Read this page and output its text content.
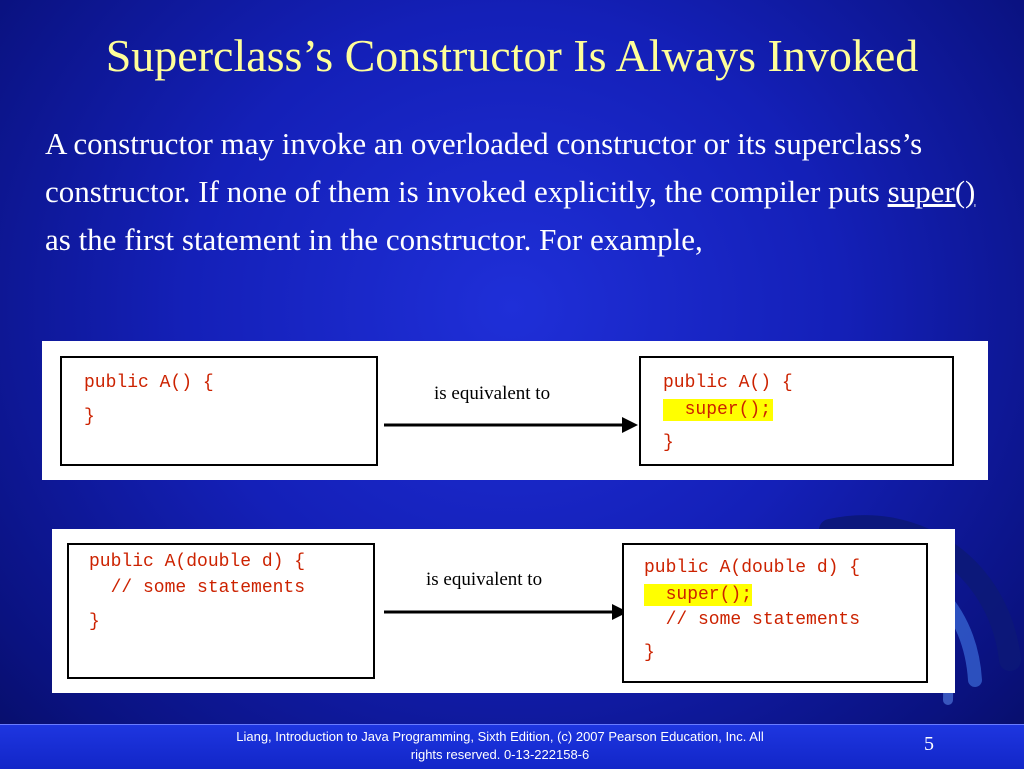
Superclass’s Constructor Is Always Invoked
A constructor may invoke an overloaded constructor or its superclass’s constructor. If none of them is invoked explicitly, the compiler puts super() as the first statement in the constructor. For example,
public A() {
}
is equivalent to	public A() {
super();
}
public A(double d) {
// some statements
}
is equivalent to
public A(double d) {
super();
// some statements
}
Liang, Introduction to Java Programming, Sixth Edition, (c) 2007 Pearson Education, Inc. All
rights reserved. 0-13-222158-6	5
